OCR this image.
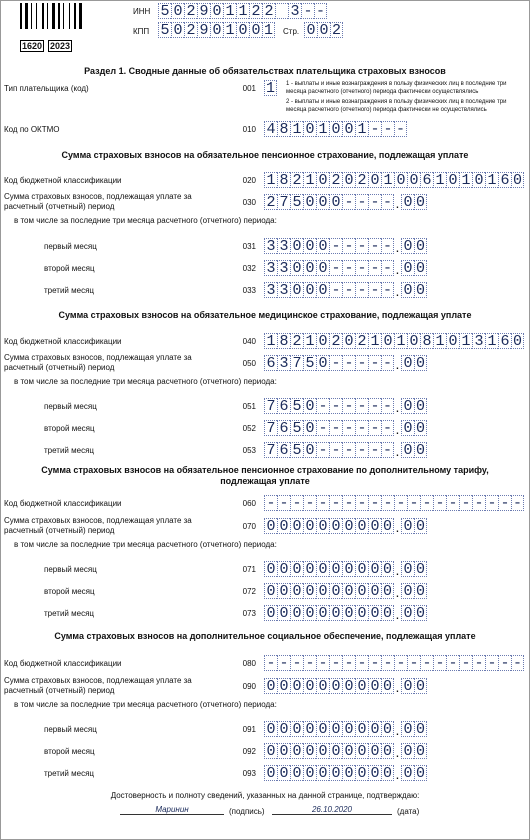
1620 2023
ИНН 5 0 2 9 0 1 1 2 2 3 - -
КПП 5 0 2 9 0 1 0 0 1 Стр. 0 0 2
Раздел 1. Сводные данные об обязательствах плательщика страховых взносов
Тип плательщика (код)	001 1	1 - выплаты и иные вознаграждения в пользу физических лиц в последние три месяца расчетного (отчетного) периода фактически осуществлялись
2 - выплаты и иные вознаграждения в пользу физических лиц в последние три месяца расчетного (отчетного) периода фактически не осуществлялись
Код по ОКТМО	010 4 8 1 0 1 0 0 1 - - -
Сумма страховых взносов на обязательное пенсионное страхование, подлежащая уплате
Код бюджетной классификации	020 1 8 2 1 0 2 0 2 0 1 0 0 6 1 0 1 0 1 6 0
Сумма страховых взносов, подлежащая уплате за
расчетный (отчетный) период	030 2 7 5 0 0 0 - - - - . 0 0
в том числе за последние три месяца расчетного (отчетного) периода:
первый месяц	031 3 3 0 0 0 - - - - - . 0 0
второй месяц	032 3 3 0 0 0 - - - - - . 0 0
третий месяц	033 3 3 0 0 0 - - - - - . 0 0
Сумма страховых взносов на обязательное медицинское страхование, подлежащая уплате
Код бюджетной классификации	040 1 8 2 1 0 2 0 2 1 0 1 0 8 1 0 1 3 1 6 0
Сумма страховых взносов, подлежащая уплате за
расчетный (отчетный) период	050 6 3 7 5 0 - - - - - . 0 0
в том числе за последние три месяца расчетного (отчетного) периода:
первый месяц	051 7 6 5 0 - - - - - - . 0 0
второй месяц	052 7 6 5 0 - - - - - - . 0 0
третий месяц	053 7 6 5 0 - - - - - - . 0 0
Сумма страховых взносов на обязательное пенсионное страхование по дополнительному тарифу,
подлежащая уплате
Код бюджетной классификации	060 - - - - - - - - - - - - - - - - - - - -
Сумма страховых взносов, подлежащая уплате за
расчетный (отчетный) период	070 0 0 0 0 0 0 0 0 0 0 . 0 0
в том числе за последние три месяца расчетного (отчетного) периода:
первый месяц	071 0 0 0 0 0 0 0 0 0 0 . 0 0
второй месяц	072 0 0 0 0 0 0 0 0 0 0 . 0 0
третий месяц	073 0 0 0 0 0 0 0 0 0 0 . 0 0
Сумма страховых взносов на дополнительное социальное обеспечение, подлежащая уплате
Код бюджетной классификации	080 - - - - - - - - - - - - - - - - - - - -
Сумма страховых взносов, подлежащая уплате за
расчетный (отчетный) период	090 0 0 0 0 0 0 0 0 0 0 . 0 0
в том числе за последние три месяца расчетного (отчетного) периода:
первый месяц	091 0 0 0 0 0 0 0 0 0 0 . 0 0
второй месяц	092 0 0 0 0 0 0 0 0 0 0 . 0 0
третий месяц	093 0 0 0 0 0 0 0 0 0 0 . 0 0
Достоверность и полноту сведений, указанных на данной странице, подтверждаю:
Маринин	(подпись)	26.10.2020	(дата)
